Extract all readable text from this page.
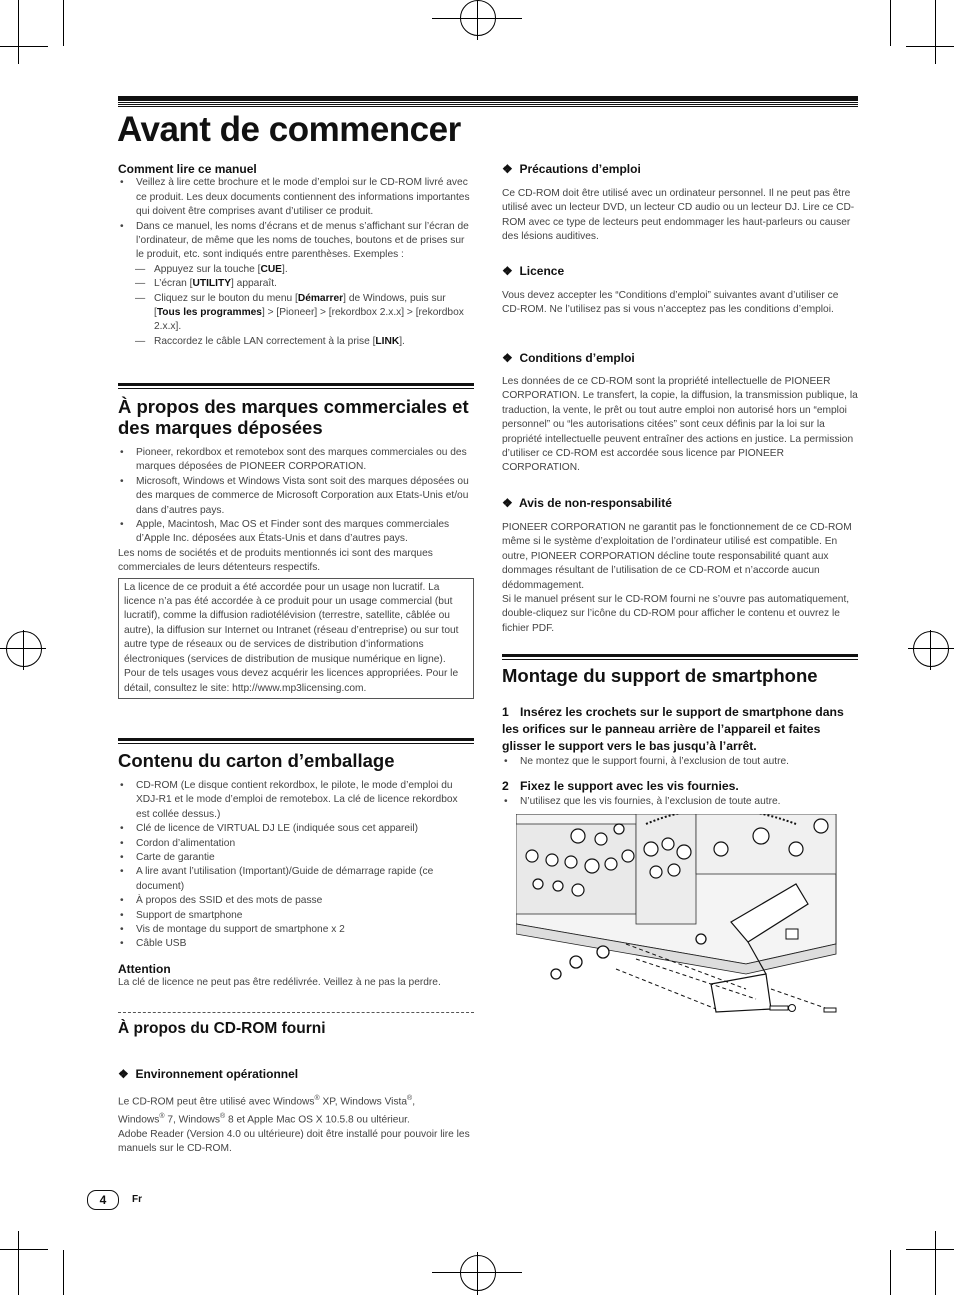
Avant de commencer

Comment lire ce manuel

• Veillez à lire cette brochure et le mode d’emploi sur le CD-ROM livré avec ce produit. Les deux documents contiennent des informations importantes qui doivent être comprises avant d’utiliser ce produit.
• Dans ce manuel, les noms d’écrans et de menus s’affichant sur l’écran de l’ordinateur, de même que les noms de touches, boutons et de prises sur le produit, etc. sont indiqués entre parenthèses. Exemples :
— Appuyez sur la touche [CUE].
— L’écran [UTILITY] apparaît.
— Cliquez sur le bouton du menu [Démarrer] de Windows, puis sur [Tous les programmes] > [Pioneer] > [rekordbox 2.x.x] > [rekordbox 2.x.x].
— Raccordez le câble LAN correctement à la prise [LINK].

À propos des marques commerciales et des marques déposées

• Pioneer, rekordbox et remotebox sont des marques commerciales ou des marques déposées de PIONEER CORPORATION.
• Microsoft, Windows et Windows Vista sont soit des marques déposées ou des marques de commerce de Microsoft Corporation aux Etats-Unis et/ou dans d’autres pays.
• Apple, Macintosh, Mac OS et Finder sont des marques commerciales d’Apple Inc. déposées aux États-Unis et dans d’autres pays.

Les noms de sociétés et de produits mentionnés ici sont des marques commerciales de leurs détenteurs respectifs.

La licence de ce produit a été accordée pour un usage non lucratif. La licence n’a pas été accordée à ce produit pour un usage commercial (but lucratif), comme la diffusion radiotélévision (terrestre, satellite, câblée ou autre), la diffusion sur Internet ou Intranet (réseau d’entreprise) ou sur tout autre type de réseaux ou de services de distribution d’informations électroniques (services de distribution de musique numérique en ligne). Pour de tels usages vous devez acquérir les licences appropriées. Pour le détail, consultez le site: http://www.mp3licensing.com.

Contenu du carton d’emballage

• CD-ROM (Le disque contient rekordbox, le pilote, le mode d’emploi du XDJ-R1 et le mode d’emploi de remotebox. La clé de licence rekordbox est collée dessus.)
• Clé de licence de VIRTUAL DJ LE (indiquée sous cet appareil)
• Cordon d’alimentation
• Carte de garantie
• A lire avant l’utilisation (Important)/Guide de démarrage rapide (ce document)
• À propos des SSID et des mots de passe
• Support de smartphone
• Vis de montage du support de smartphone x 2
• Câble USB

Attention

La clé de licence ne peut pas être redélivrée. Veillez à ne pas la perdre.

À propos du CD-ROM fourni

❖ Environnement opérationnel

Le CD-ROM peut être utilisé avec Windows® XP, Windows Vista®,

Windows® 7, Windows® 8 et Apple Mac OS X 10.5.8 ou ultérieur.

Adobe Reader (Version 4.0 ou ultérieure) doit être installé pour pouvoir lire les manuels sur le CD-ROM.

❖ Précautions d’emploi
Ce CD-ROM doit être utilisé avec un ordinateur personnel. Il ne peut pas être utilisé avec un lecteur DVD, un lecteur CD audio ou un lecteur DJ. Lire ce CD-ROM avec ce type de lecteurs peut endommager les haut-parleurs ou causer des lésions auditives.
❖ Licence
Vous devez accepter les “Conditions d’emploi” suivantes avant d’utiliser ce CD-ROM. Ne l’utilisez pas si vous n’acceptez pas les conditions d’emploi.
❖ Conditions d’emploi
Les données de ce CD-ROM sont la propriété intellectuelle de PIONEER CORPORATION. Le transfert, la copie, la diffusion, la transmission publique, la traduction, la vente, le prêt ou tout autre emploi non autorisé hors un “emploi personnel” ou “les autorisations citées” sont ceux définis par la loi sur la propriété intellectuelle peuvent entraîner des actions en justice. La permission d’utiliser ce CD-ROM est accordée sous licence par PIONEER CORPORATION.
❖ Avis de non-responsabilité

PIONEER CORPORATION ne garantit pas le fonctionnement de ce CD-ROM même si le système d’exploitation de l’ordinateur utilisé est compatible. En outre, PIONEER CORPORATION décline toute responsabilité quant aux dommages résultant de l’utilisation de ce CD-ROM et n’accorde aucun dédommagement.

Si le manuel présent sur le CD-ROM fourni ne s’ouvre pas automatiquement, double-cliquez sur l’icône du CD-ROM pour afficher le contenu et ouvrez le fichier PDF.

Montage du support de smartphone

1 Insérez les crochets sur le support de smartphone dans les orifices sur le panneau arrière de l’appareil et faites glisser le support vers le bas jusqu’à l’arrêt.
• Ne montez que le support fourni, à l’exclusion de tout autre.
2 Fixez le support avec les vis fournies.
• N’utilisez que les vis fournies, à l’exclusion de toute autre.
4	Fr
